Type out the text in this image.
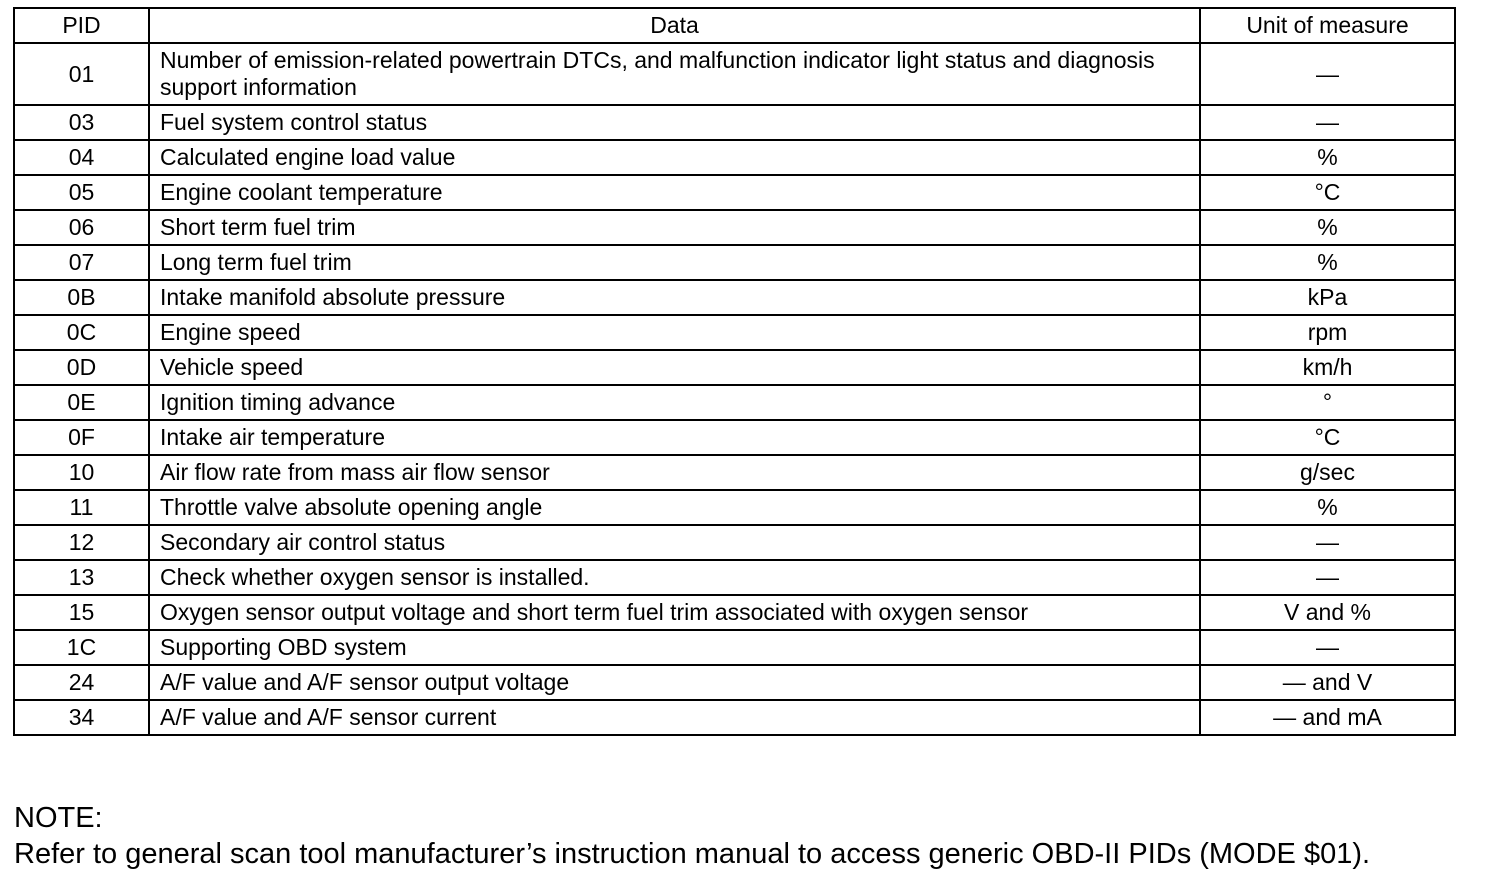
PID	Data	Unit of measure
01	Number of emission-related powertrain DTCs, and malfunction indicator light status and diagnosis support information	—
03	Fuel system control status	—
04	Calculated engine load value	%
05	Engine coolant temperature	°C
06	Short term fuel trim	%
07	Long term fuel trim	%
0B	Intake manifold absolute pressure	kPa
0C	Engine speed	rpm
0D	Vehicle speed	km/h
0E	Ignition timing advance	°
0F	Intake air temperature	°C
10	Air flow rate from mass air flow sensor	g/sec
11	Throttle valve absolute opening angle	%
12	Secondary air control status	—
13	Check whether oxygen sensor is installed.	—
15	Oxygen sensor output voltage and short term fuel trim associated with oxygen sensor	V and %
1C	Supporting OBD system	—
24	A/F value and A/F sensor output voltage	— and V
34	A/F value and A/F sensor current	— and mA
NOTE:
Refer to general scan tool manufacturer’s instruction manual to access generic OBD-II PIDs (MODE $01).
